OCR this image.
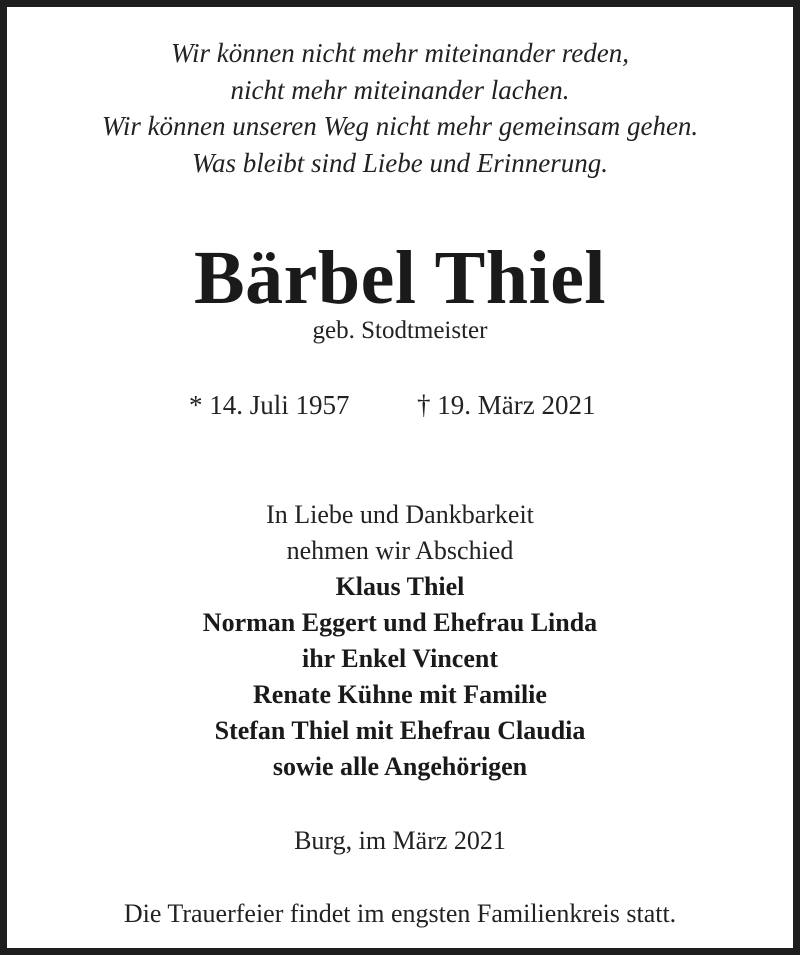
Wir können nicht mehr miteinander reden,
nicht mehr miteinander lachen.
Wir können unseren Weg nicht mehr gemeinsam gehen.
Was bleibt sind Liebe und Erinnerung.
Bärbel Thiel
geb. Stodtmeister
* 14. Juli 1957 † 19. März 2021
In Liebe und Dankbarkeit
nehmen wir Abschied
Klaus Thiel
Norman Eggert und Ehefrau Linda
ihr Enkel Vincent
Renate Kühne mit Familie
Stefan Thiel mit Ehefrau Claudia
sowie alle Angehörigen
Burg, im März 2021
Die Trauerfeier findet im engsten Familienkreis statt.
